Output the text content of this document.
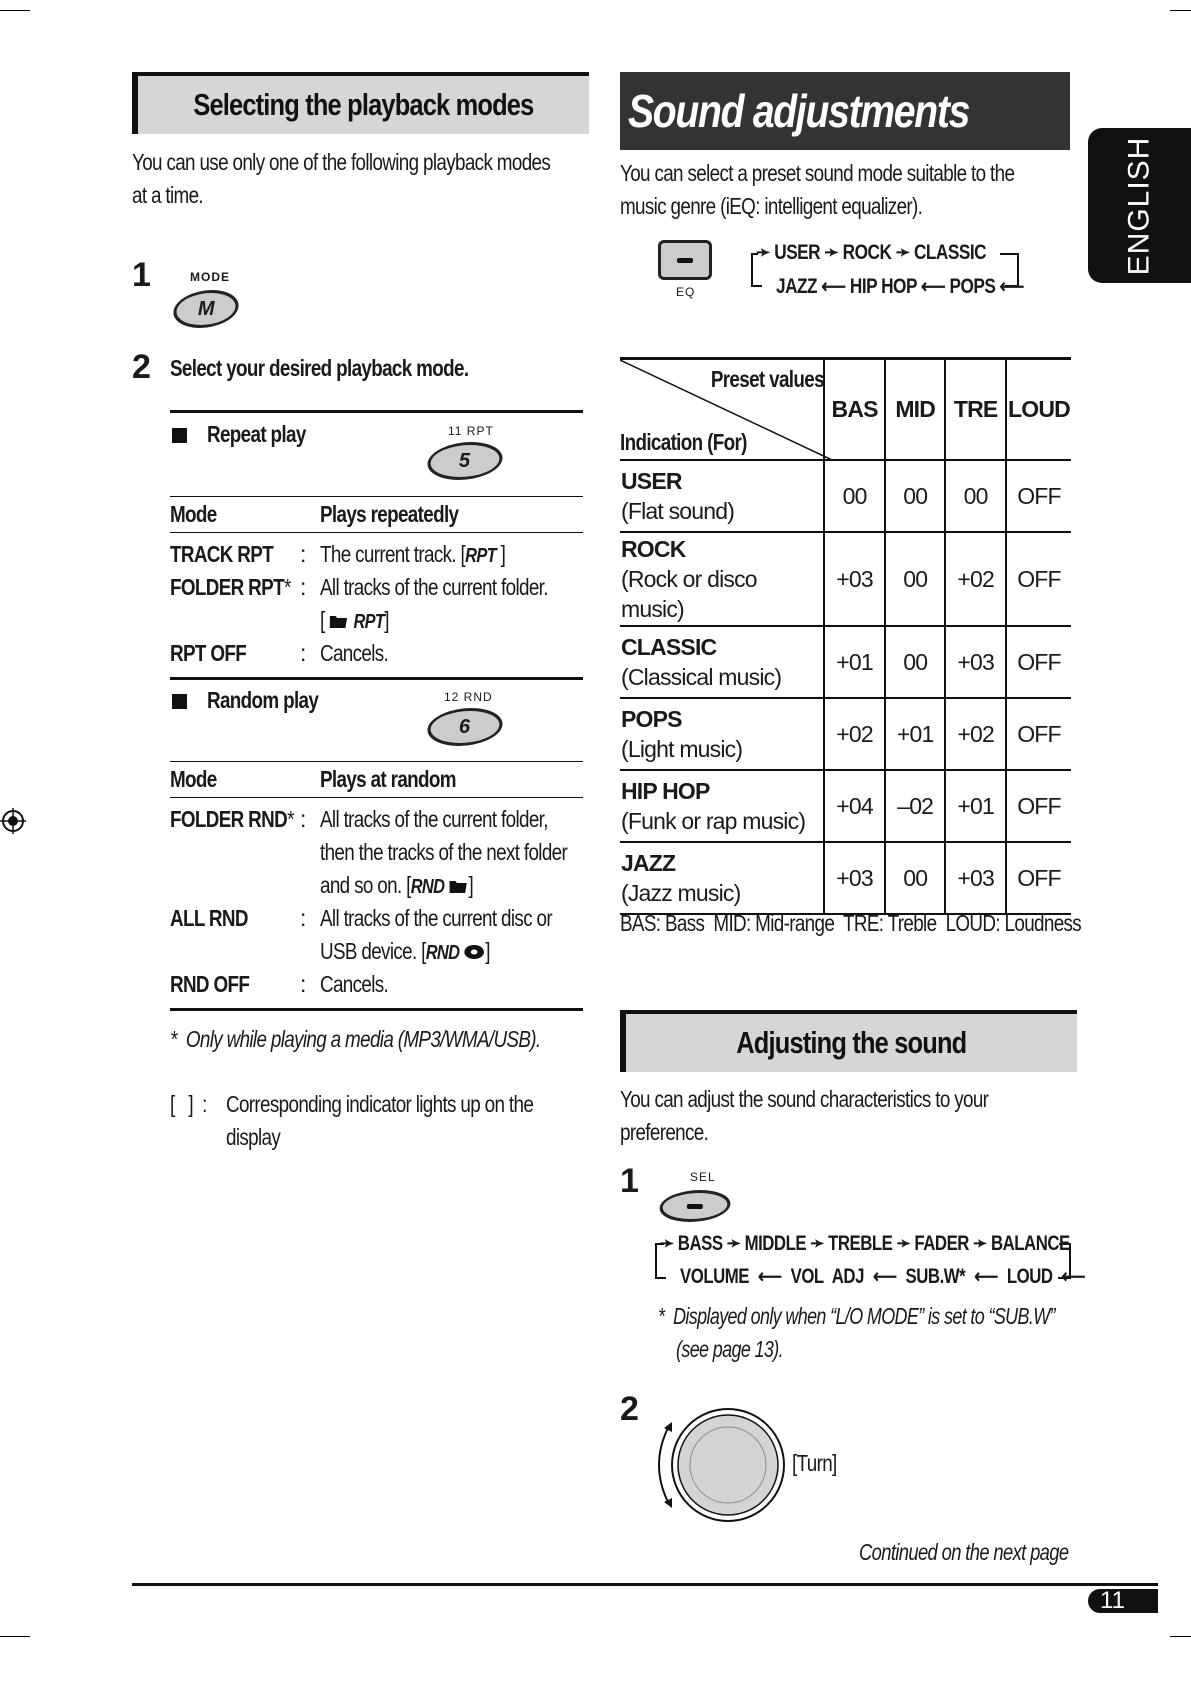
Selecting the playback modes
You can use only one of the following playback modes
at a time.
1	MODE
M
2 Select your desired playback mode.
Repeat play	11 RPT
5
Mode	Plays repeatedly
TRACK RPT : The current track. [RPT ]
FOLDER RPT* : All tracks of the current folder.
[ RPT]
RPT OFF : Cancels.
Random play	12 RND
6
Mode	Plays at random
FOLDER RND* : All tracks of the current folder,
then the tracks of the next folder
and so on. [RND ]
ALL RND : All tracks of the current disc or
USB device. [RND ]
RND OFF : Cancels.
* Only while playing a media (MP3/WMA/USB).
[   ]  : Corresponding indicator lights up on the
display
Sound adjustments
You can select a preset sound mode suitable to the
music genre (iEQ: intelligent equalizer).
EQ
➛ USER ➛ ROCK ➛ CLASSIC
JAZZ ⟵ HIP HOP ⟵ POPS ⟵
Preset values
Indication (For)
	BAS	MID	TRE	LOUD

USER
(Flat sound)	00	00	00	OFF

ROCK
(Rock or disco music)	+03	00	+02	OFF

CLASSIC
(Classical music)	+01	00	+03	OFF

POPS
(Light music)	+02	+01	+02	OFF

HIP HOP
(Funk or rap music)	+04	–02	+01	OFF

JAZZ
(Jazz music)	+03	00	+03	OFF
BAS: Bass  MID: Mid-range  TRE: Treble  LOUD: Loudness
Adjusting the sound
You can adjust the sound characteristics to your
preference.
1	SEL
➛ BASS ➛ MIDDLE ➛ TREBLE ➛ FADER ➛ BALANCE
VOLUME ⟵ VOL ADJ ⟵ SUB.W* ⟵ LOUD ⟵
* Displayed only when “L/O MODE” is set to “SUB.W”
(see page 13).
2
[Turn]
Continued on the next page
11
ENGLISH
